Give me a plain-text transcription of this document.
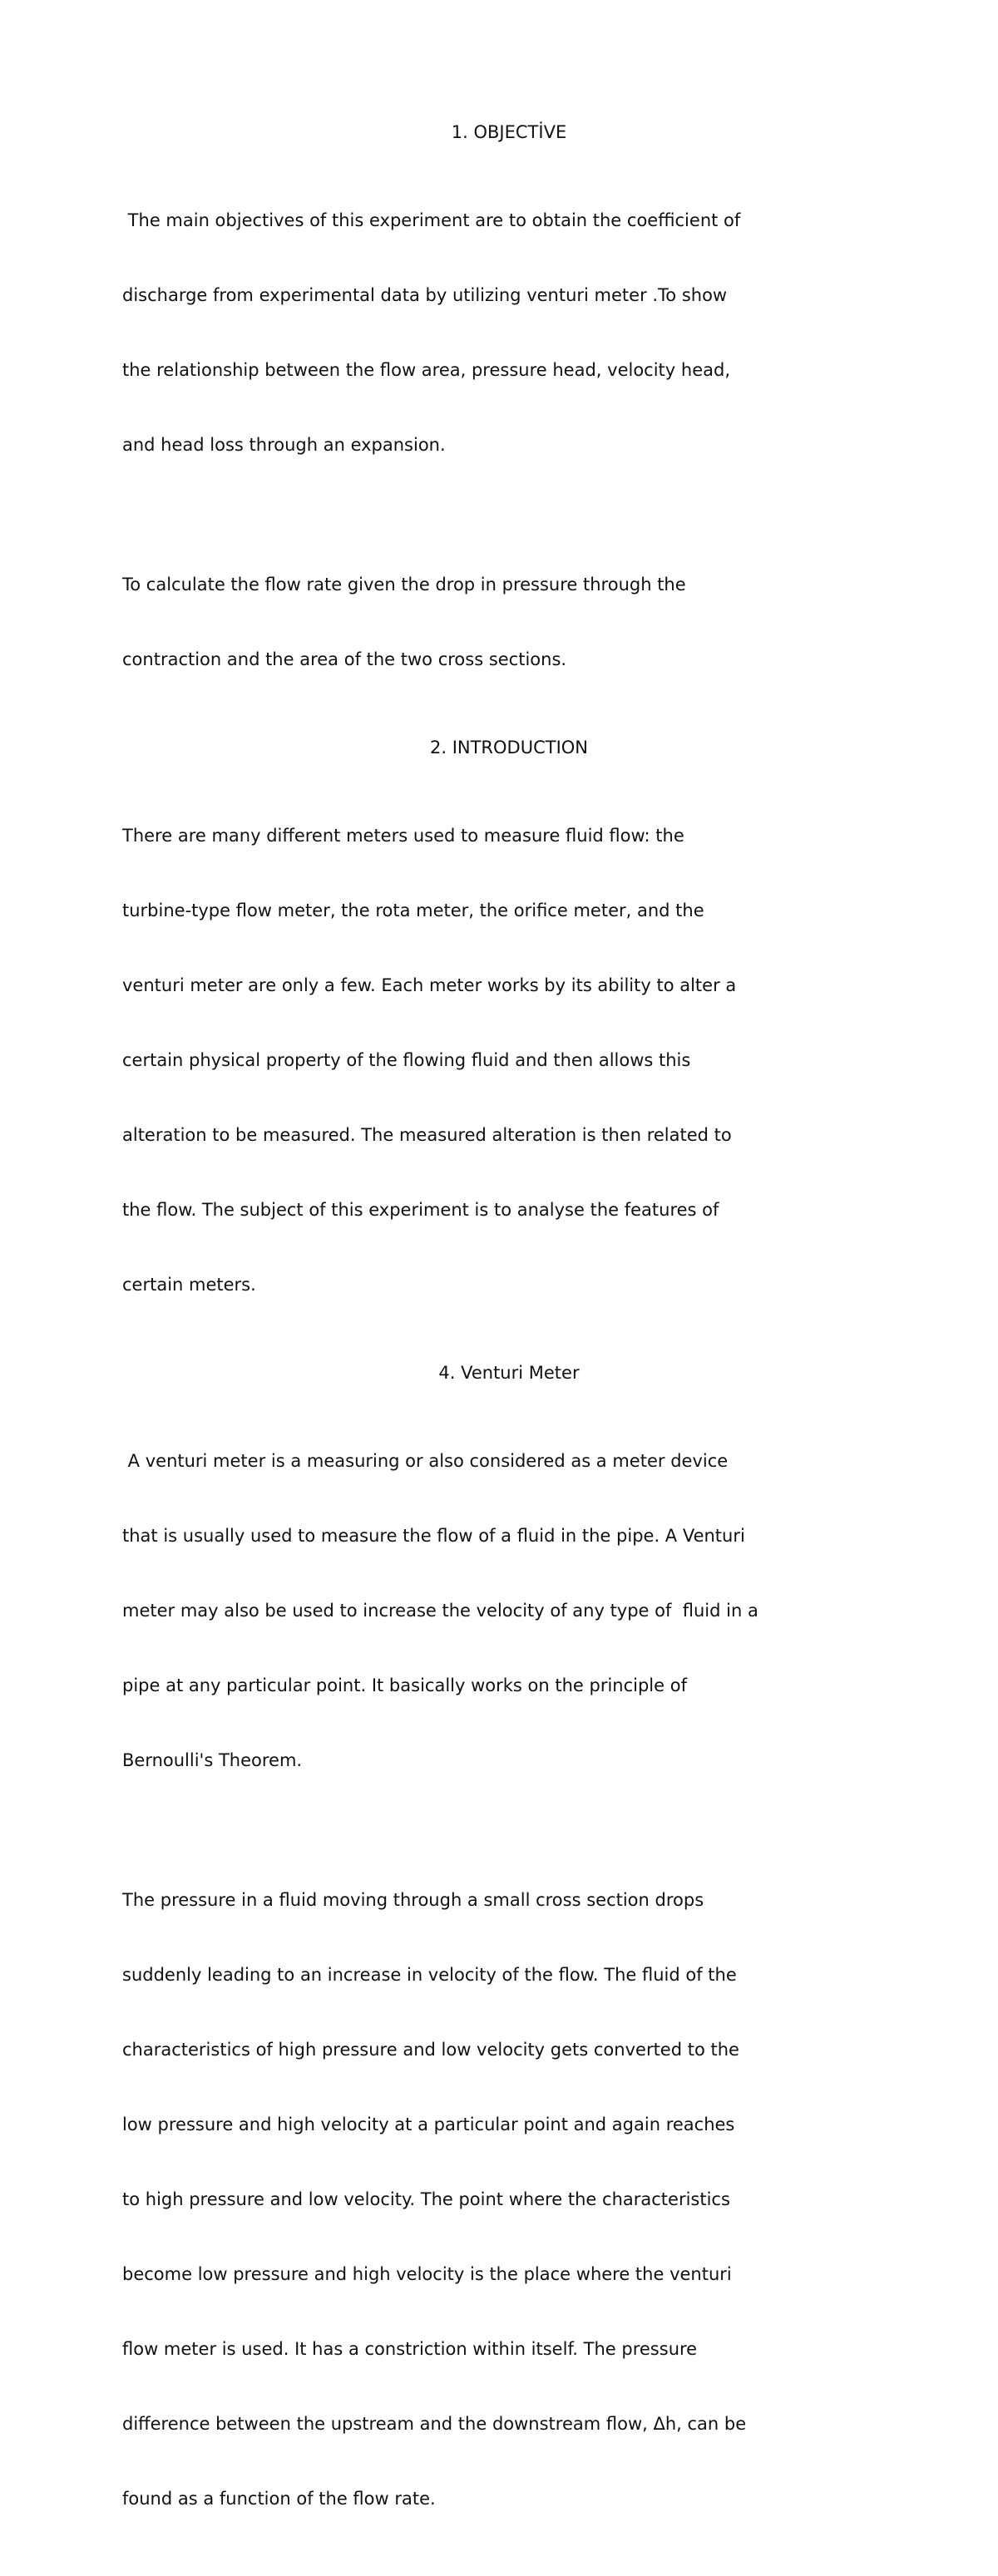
1. OBJECTİVE

The main objectives of this experiment are to obtain the coefficient of

discharge from experimental data by utilizing venturi meter .To show

the relationship between the flow area, pressure head, velocity head,

and head loss through an expansion.

To calculate the flow rate given the drop in pressure through the

contraction and the area of the two cross sections.

2. INTRODUCTION

There are many different meters used to measure fluid flow: the

turbine-type flow meter, the rota meter, the orifice meter, and the

venturi meter are only a few. Each meter works by its ability to alter a

certain physical property of the flowing fluid and then allows this

alteration to be measured. The measured alteration is then related to

the flow. The subject of this experiment is to analyse the features of

certain meters.

4. Venturi Meter

A venturi meter is a measuring or also considered as a meter device

that is usually used to measure the flow of a fluid in the pipe. A Venturi

meter may also be used to increase the velocity of any type of  fluid in a

pipe at any particular point. It basically works on the principle of

Bernoulli's Theorem.

The pressure in a fluid moving through a small cross section drops

suddenly leading to an increase in velocity of the flow. The fluid of the

characteristics of high pressure and low velocity gets converted to the

low pressure and high velocity at a particular point and again reaches

to high pressure and low velocity. The point where the characteristics

become low pressure and high velocity is the place where the venturi

flow meter is used. It has a constriction within itself. The pressure

difference between the upstream and the downstream flow, Δh, can be

found as a function of the flow rate.
